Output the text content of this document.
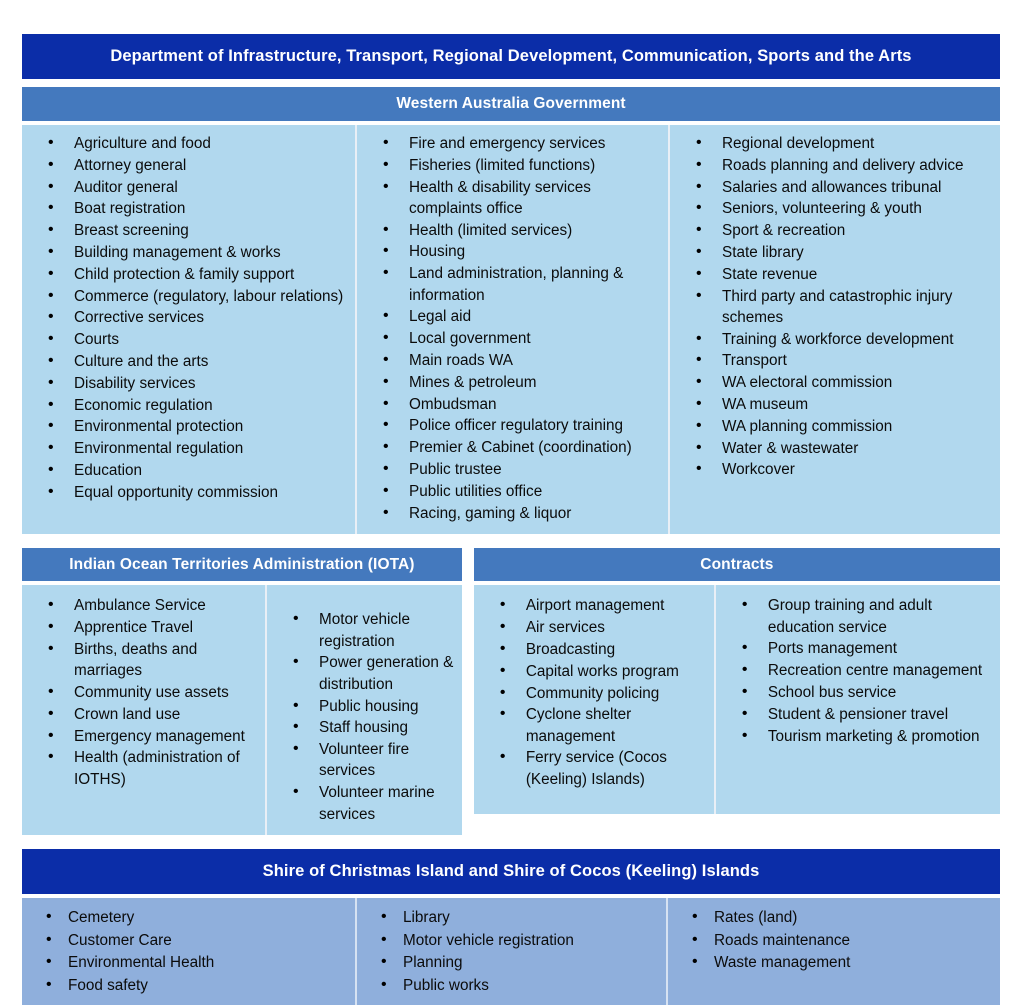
Department of Infrastructure, Transport, Regional Development, Communication, Sports and the Arts
Western Australia Government
• Agriculture and food
• Attorney general
• Auditor general
• Boat registration
• Breast screening
• Building management & works
• Child protection & family support
• Commerce (regulatory, labour relations)
• Corrective services
• Courts
• Culture and the arts
• Disability services
• Economic regulation
• Environmental protection
• Environmental regulation
• Education
• Equal opportunity commission
• Fire and emergency services
• Fisheries (limited functions)
• Health & disability services complaints office
• Health (limited services)
• Housing
• Land administration, planning & information
• Legal aid
• Local government
• Main roads WA
• Mines & petroleum
• Ombudsman
• Police officer regulatory training
• Premier & Cabinet (coordination)
• Public trustee
• Public utilities office
• Racing, gaming & liquor
• Regional development
• Roads planning and delivery advice
• Salaries and allowances tribunal
• Seniors, volunteering & youth
• Sport & recreation
• State library
• State revenue
• Third party and catastrophic injury schemes
• Training & workforce development
• Transport
• WA electoral commission
• WA museum
• WA planning commission
• Water & wastewater
• Workcover
Indian Ocean Territories Administration (IOTA)
• Ambulance Service
• Apprentice Travel
• Births, deaths and marriages
• Community use assets
• Crown land use
• Emergency management
• Health (administration of IOTHS)
• Motor vehicle registration
• Power generation & distribution
• Public housing
• Staff housing
• Volunteer fire services
• Volunteer marine services
Contracts
• Airport management
• Air services
• Broadcasting
• Capital works program
• Community policing
• Cyclone shelter management
• Ferry service (Cocos (Keeling) Islands)
• Group training and adult education service
• Ports management
• Recreation centre management
• School bus service
• Student & pensioner travel
• Tourism marketing & promotion
Shire of Christmas Island and Shire of Cocos (Keeling) Islands
• Cemetery
• Customer Care
• Environmental Health
• Food safety
• Library
• Motor vehicle registration
• Planning
• Public works
• Rates (land)
• Roads maintenance
• Waste management
